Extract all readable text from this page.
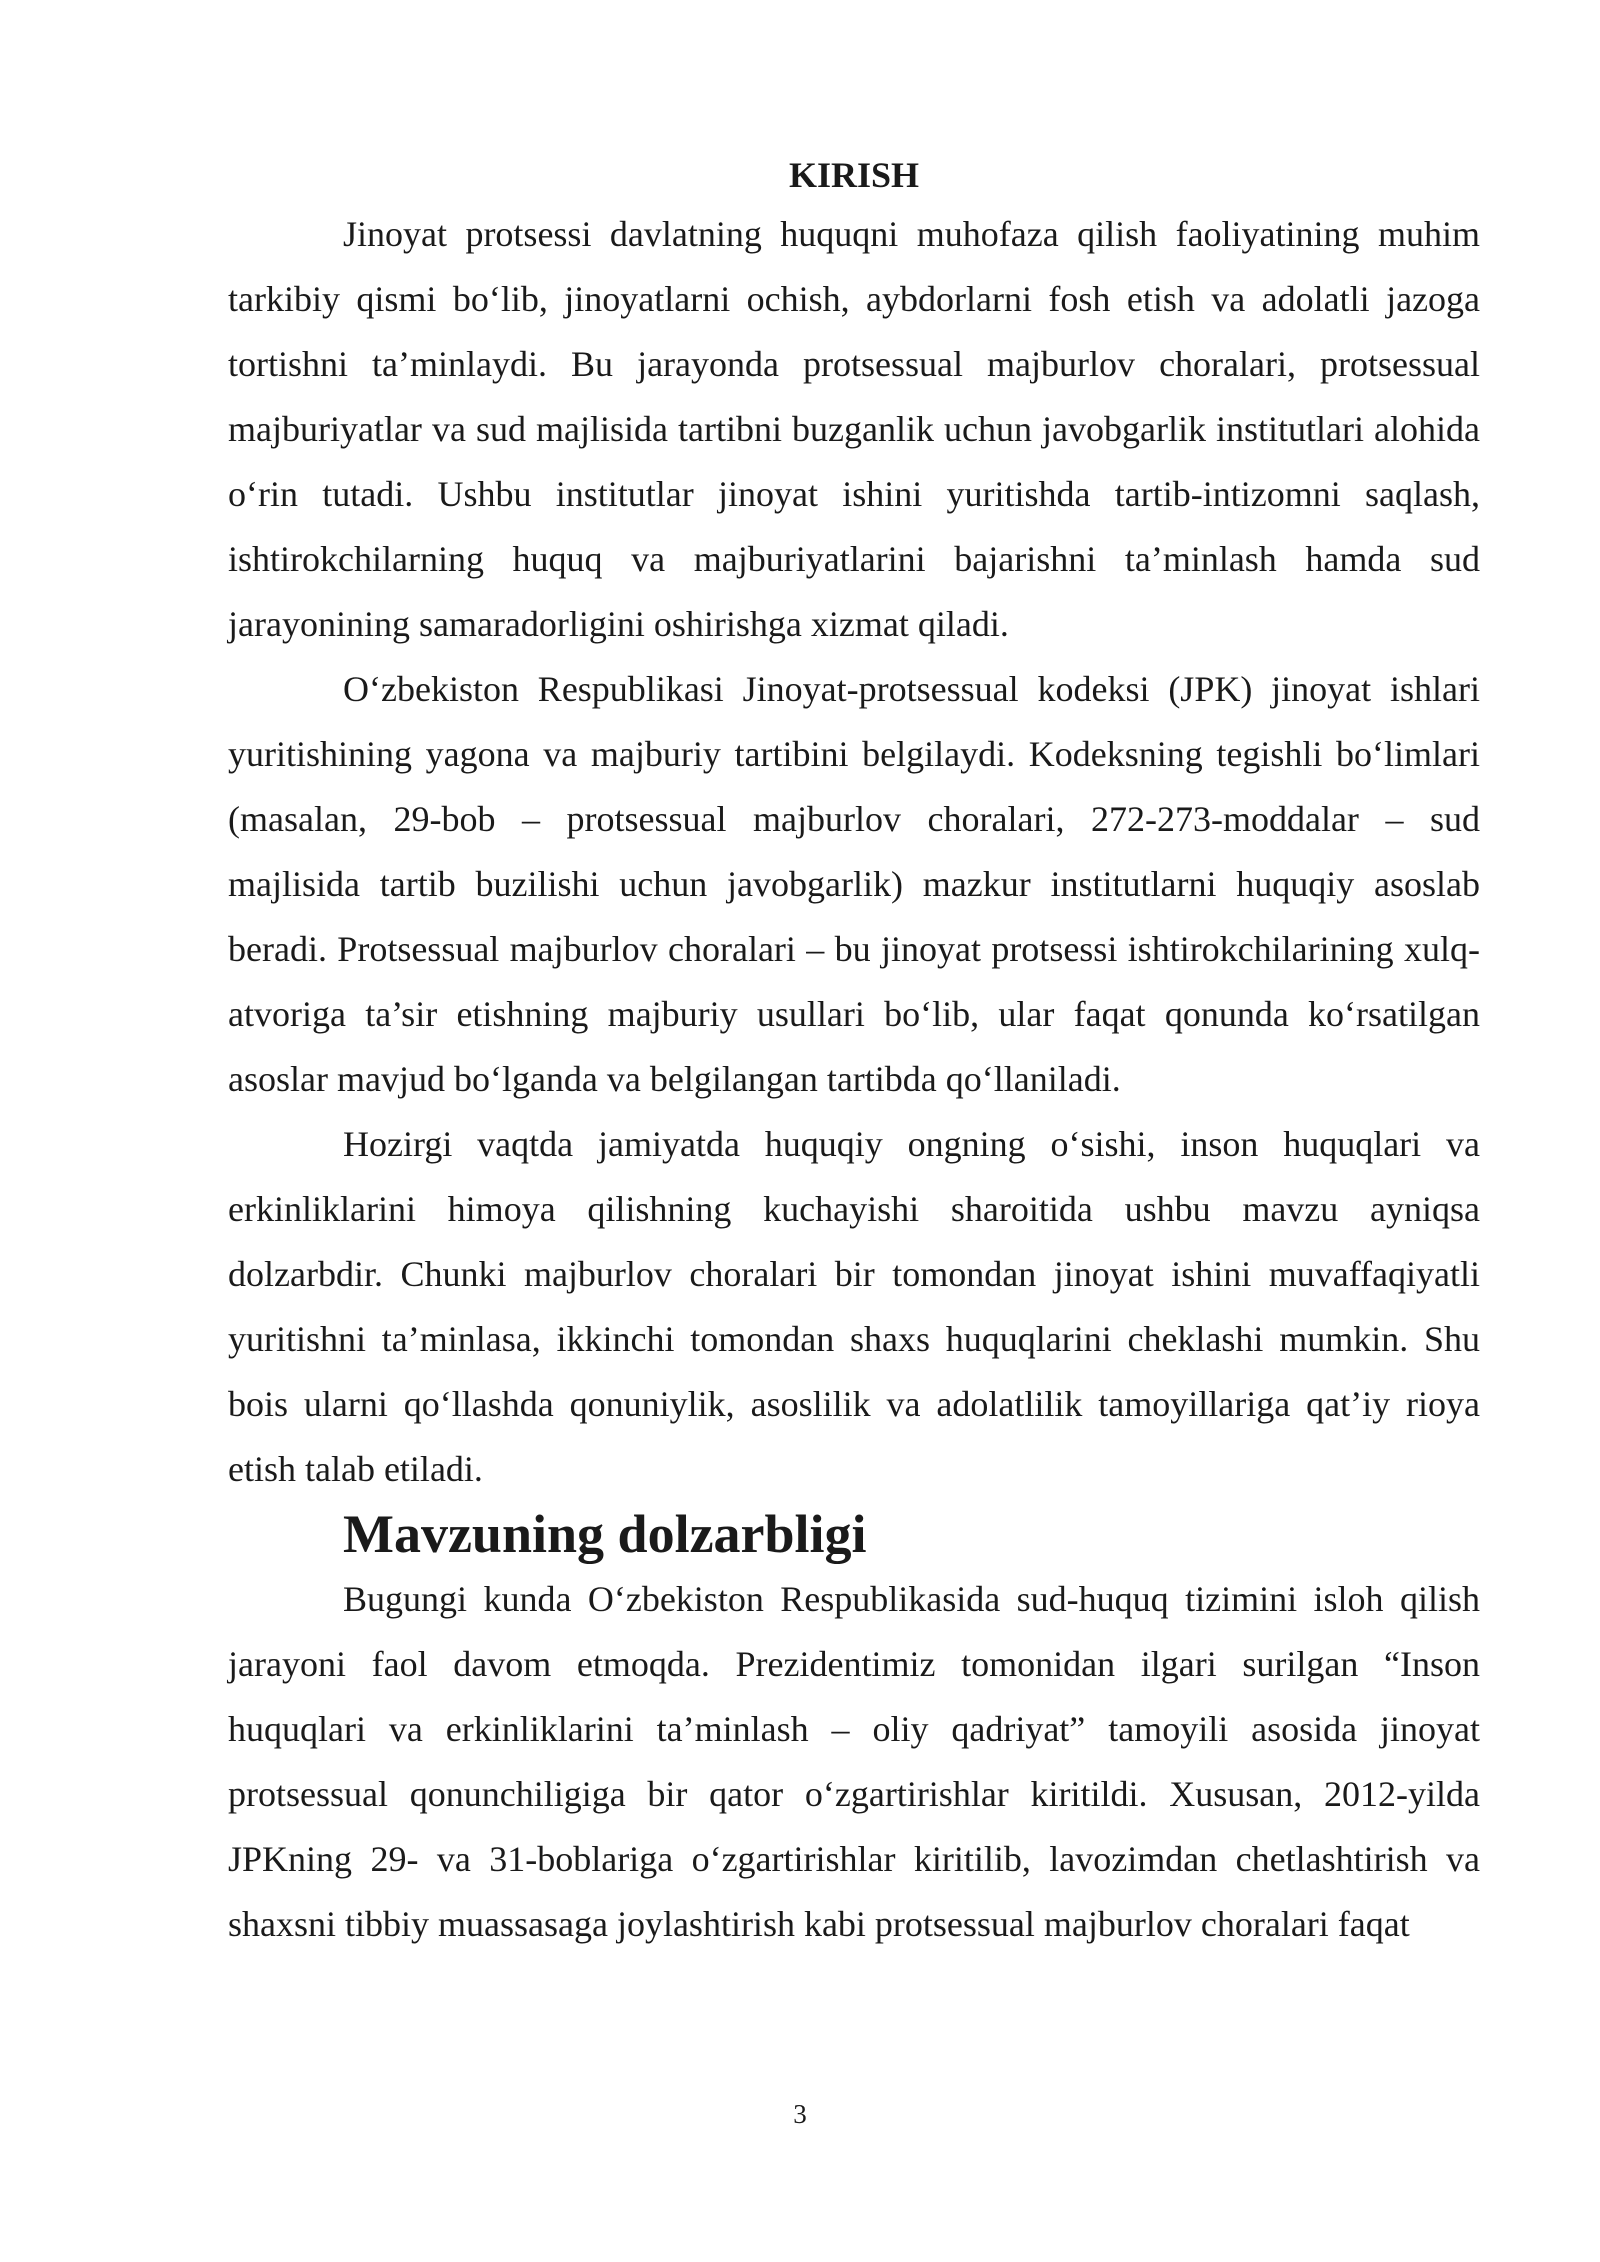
KIRISH

Jinoyat protsessi davlatning huquqni muhofaza qilish faoliyatining muhim tarkibiy qismi bo‘lib, jinoyatlarni ochish, aybdorlarni fosh etish va adolatli jazoga tortishni ta’minlaydi. Bu jarayonda protsessual majburlov choralari, protsessual majburiyatlar va sud majlisida tartibni buzganlik uchun javobgarlik institutlari alohida o‘rin tutadi. Ushbu institutlar jinoyat ishini yuritishda tartib-intizomni saqlash, ishtirokchilarning huquq va majburiyatlarini bajarishni ta’minlash hamda sud jarayonining samaradorligini oshirishga xizmat qiladi.

O‘zbekiston Respublikasi Jinoyat-protsessual kodeksi (JPK) jinoyat ishlari yuritishining yagona va majburiy tartibini belgilaydi. Kodeksning tegishli bo‘limlari (masalan, 29-bob – protsessual majburlov choralari, 272-273-moddalar – sud majlisida tartib buzilishi uchun javobgarlik) mazkur institutlarni huquqiy asoslab beradi. Protsessual majburlov choralari – bu jinoyat protsessi ishtirokchilarining xulq-atvoriga ta’sir etishning majburiy usullari bo‘lib, ular faqat qonunda ko‘rsatilgan asoslar mavjud bo‘lganda va belgilangan tartibda qo‘llaniladi.

Hozirgi vaqtda jamiyatda huquqiy ongning o‘sishi, inson huquqlari va erkinliklarini himoya qilishning kuchayishi sharoitida ushbu mavzu ayniqsa dolzarbdir. Chunki majburlov choralari bir tomondan jinoyat ishini muvaffaqiyatli yuritishni ta’minlasa, ikkinchi tomondan shaxs huquqlarini cheklashi mumkin. Shu bois ularni qo‘llashda qonuniylik, asoslilik va adolatlilik tamoyillariga qat’iy rioya etish talab etiladi.

Mavzuning dolzarbligi

Bugungi kunda O‘zbekiston Respublikasida sud-huquq tizimini isloh qilish jarayoni faol davom etmoqda. Prezidentimiz tomonidan ilgari surilgan “Inson huquqlari va erkinliklarini ta’minlash – oliy qadriyat” tamoyili asosida jinoyat protsessual qonunchiligiga bir qator o‘zgartirishlar kiritildi. Xususan, 2012-yilda JPKning 29- va 31-boblariga o‘zgartirishlar kiritilib, lavozimdan chetlashtirish va shaxsni tibbiy muassasaga joylashtirish kabi protsessual majburlov choralari faqat

3
